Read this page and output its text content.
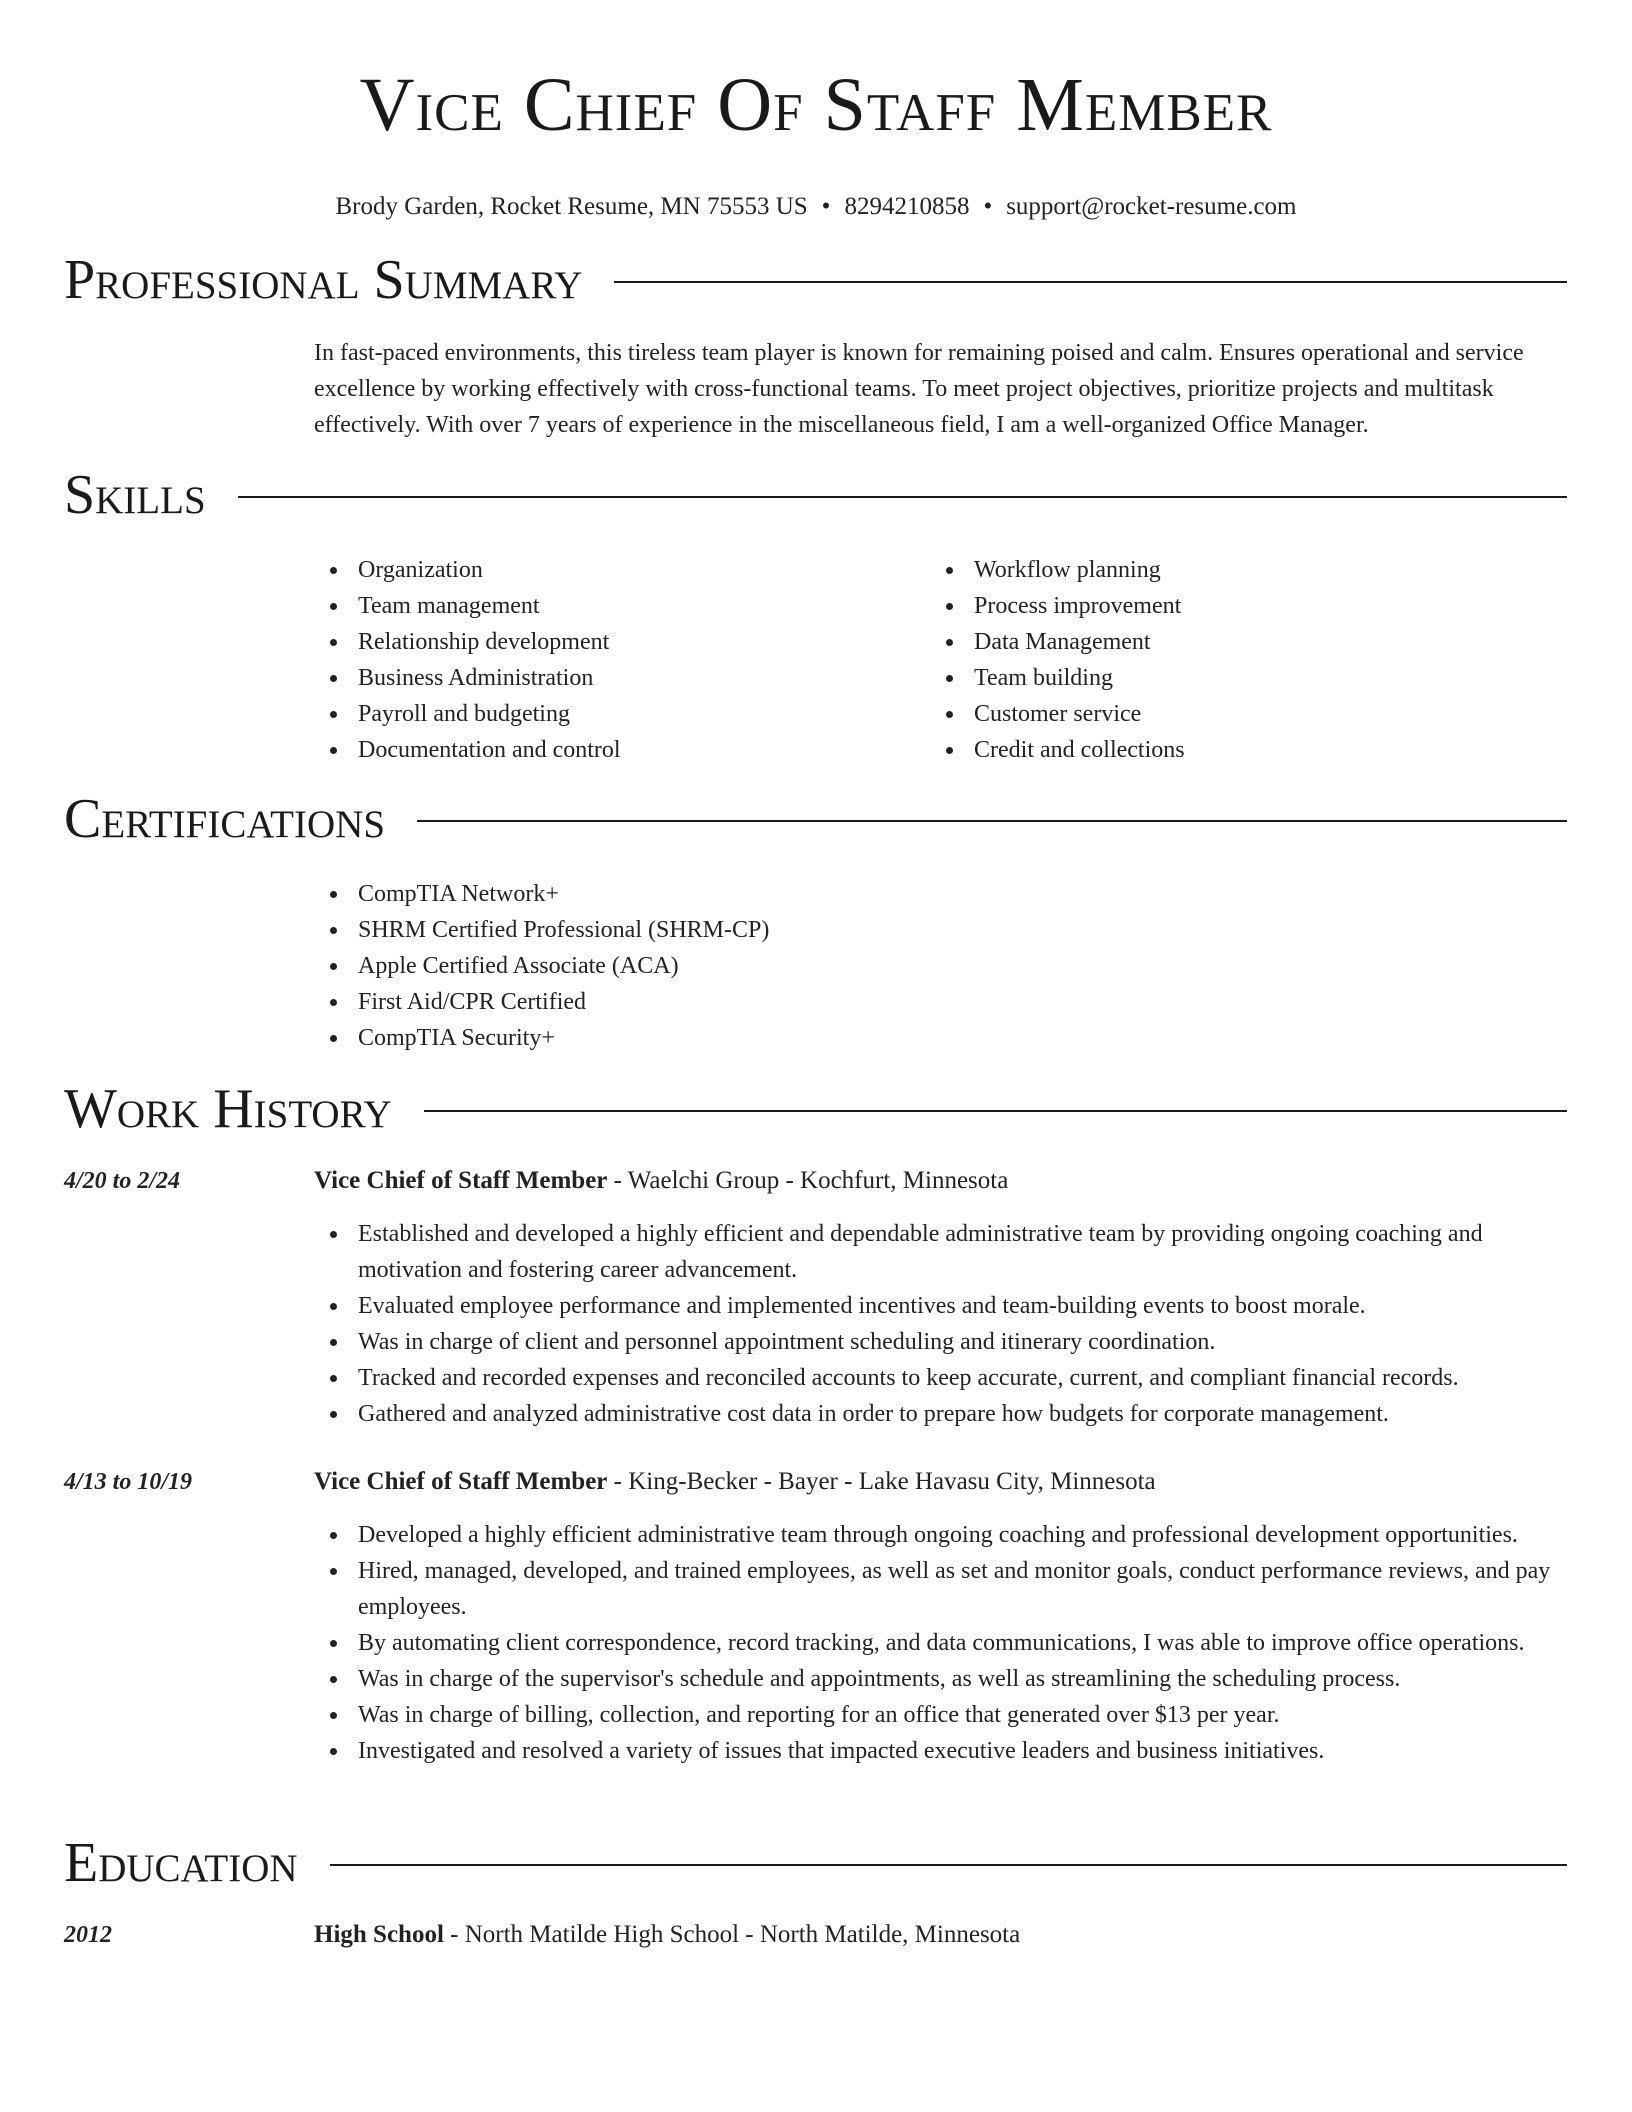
Vice Chief Of Staff Member
Brody Garden, Rocket Resume, MN 75553 US • 8294210858 • support@rocket-resume.com
Professional Summary

In fast-paced environments, this tireless team player is known for remaining poised and calm. Ensures operational and service excellence by working effectively with cross-functional teams. To meet project objectives, prioritize projects and multitask effectively. With over 7 years of experience in the miscellaneous field, I am a well-organized Office Manager.

Skills
Organization
Team management
Relationship development
Business Administration
Payroll and budgeting
Documentation and control
Workflow planning
Process improvement
Data Management
Team building
Customer service
Credit and collections
Certifications
CompTIA Network+
SHRM Certified Professional (SHRM-CP)
Apple Certified Associate (ACA)
First Aid/CPR Certified
CompTIA Security+
Work History
4/20 to 2/24	Vice Chief of Staff Member - Waelchi Group - Kochfurt, Minnesota

Established and developed a highly efficient and dependable administrative team by providing ongoing coaching and motivation and fostering career advancement.
Evaluated employee performance and implemented incentives and team-building events to boost morale.
Was in charge of client and personnel appointment scheduling and itinerary coordination.
Tracked and recorded expenses and reconciled accounts to keep accurate, current, and compliant financial records.
Gathered and analyzed administrative cost data in order to prepare how budgets for corporate management.
4/13 to 10/19	Vice Chief of Staff Member - King-Becker - Bayer - Lake Havasu City, Minnesota

Developed a highly efficient administrative team through ongoing coaching and professional development opportunities.
Hired, managed, developed, and trained employees, as well as set and monitor goals, conduct performance reviews, and pay employees.
By automating client correspondence, record tracking, and data communications, I was able to improve office operations.
Was in charge of the supervisor's schedule and appointments, as well as streamlining the scheduling process.
Was in charge of billing, collection, and reporting for an office that generated over $13 per year.
Investigated and resolved a variety of issues that impacted executive leaders and business initiatives.
Education
2012	High School - North Matilde High School - North Matilde, Minnesota
